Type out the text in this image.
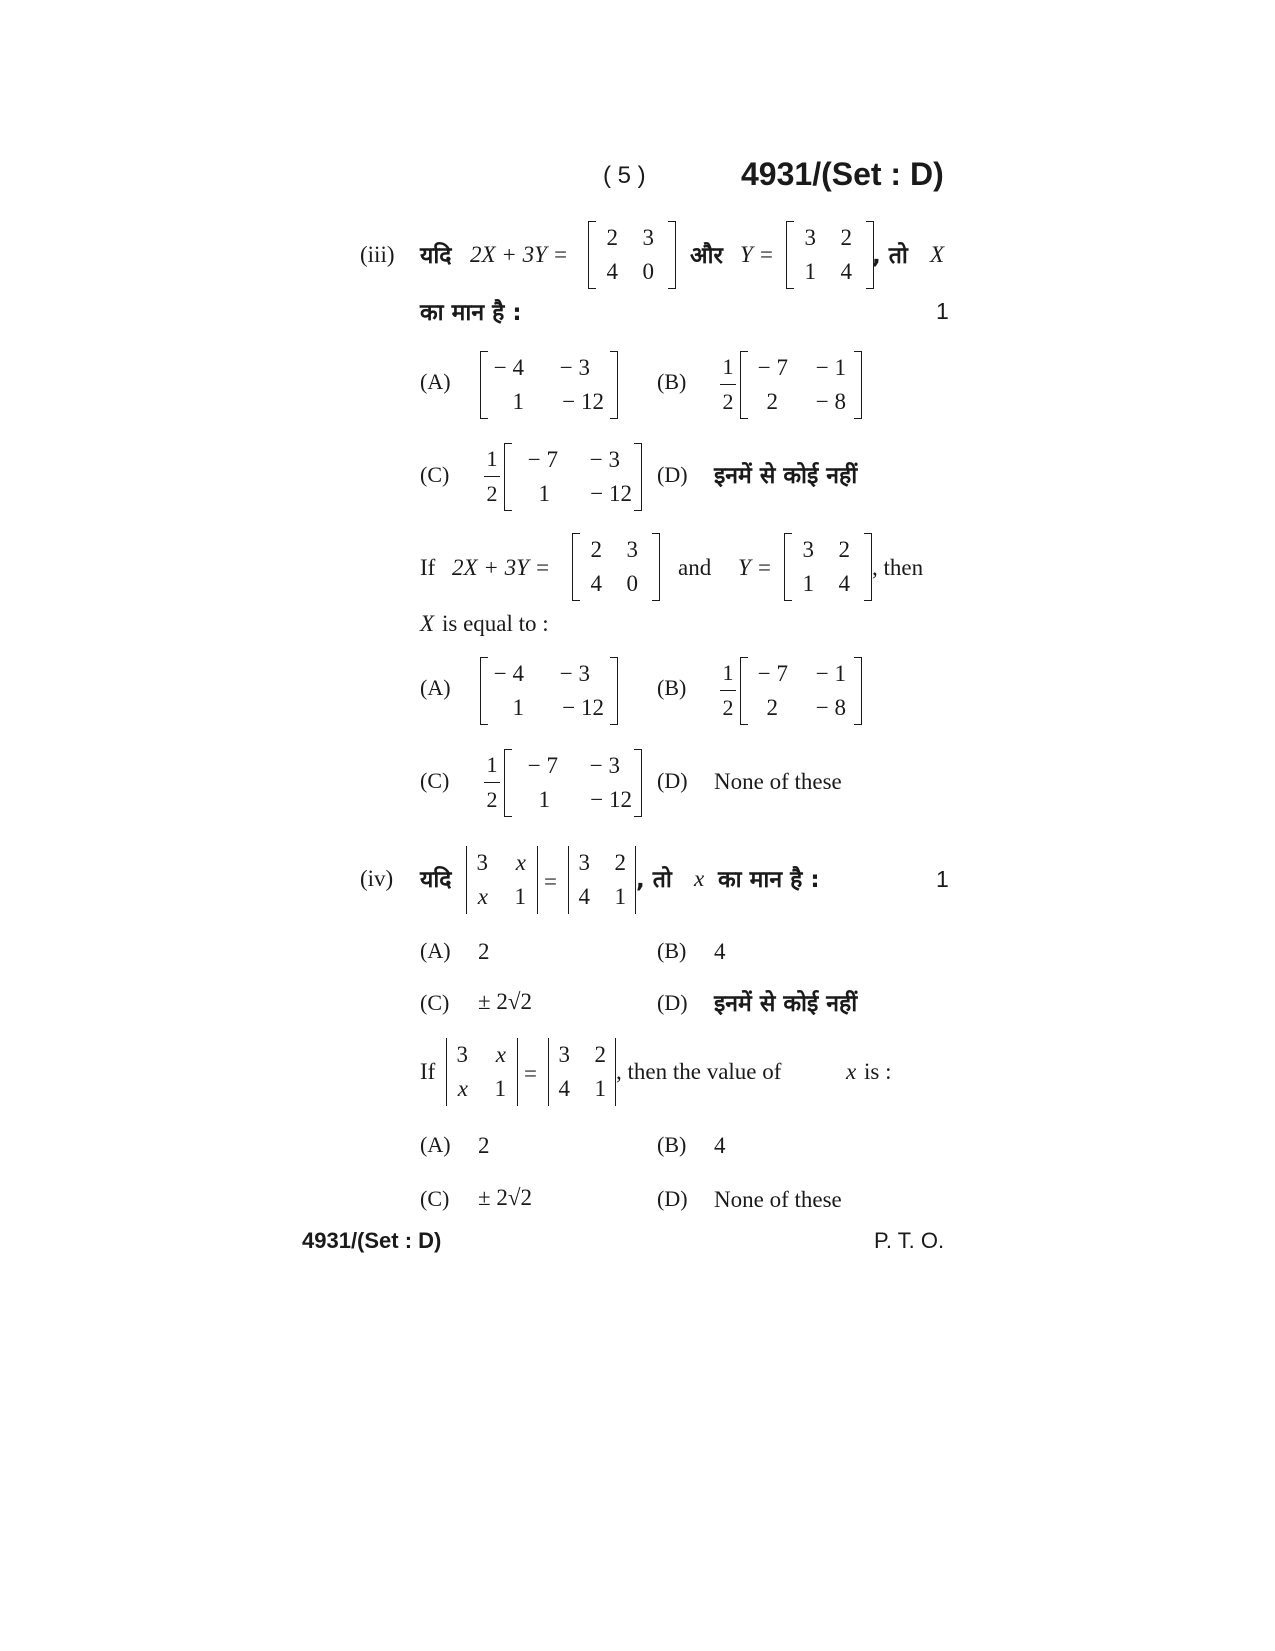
( 5 )	4931/(Set : D)
(iii) यदि 2X + 3Y =
2 3
4 0
और Y =
3 2
1 4
, तो X
का मान है :	1
(A)
− 4	− 3
1	− 12
(B)
1
2
− 7	− 1
2	− 8
(C)
1
2
− 7	− 3
1	− 12
(D) इनमें से कोई नहीं
If 2X + 3Y =
2 3
4 0
and Y =
3 2
1 4
, then
X is equal to :
(A)
− 4	− 3
1	− 12
(B)
1
2
− 7	− 1
2	− 8
(C)
1
2
− 7	− 3
1	− 12
(D) None of these
(iv) यदि
3 x
x 1
=
3 2
4 1
, तो x का मान है :	1
(A) 2	(B) 4
(C) ± 2√2	(D) इनमें से कोई नहीं
If
3 x
x 1
=
3 2
4 1
, then the value of	x is :
(A) 2	(B) 4
(C) ± 2√2	(D) None of these
4931/(Set : D)	P. T. O.
